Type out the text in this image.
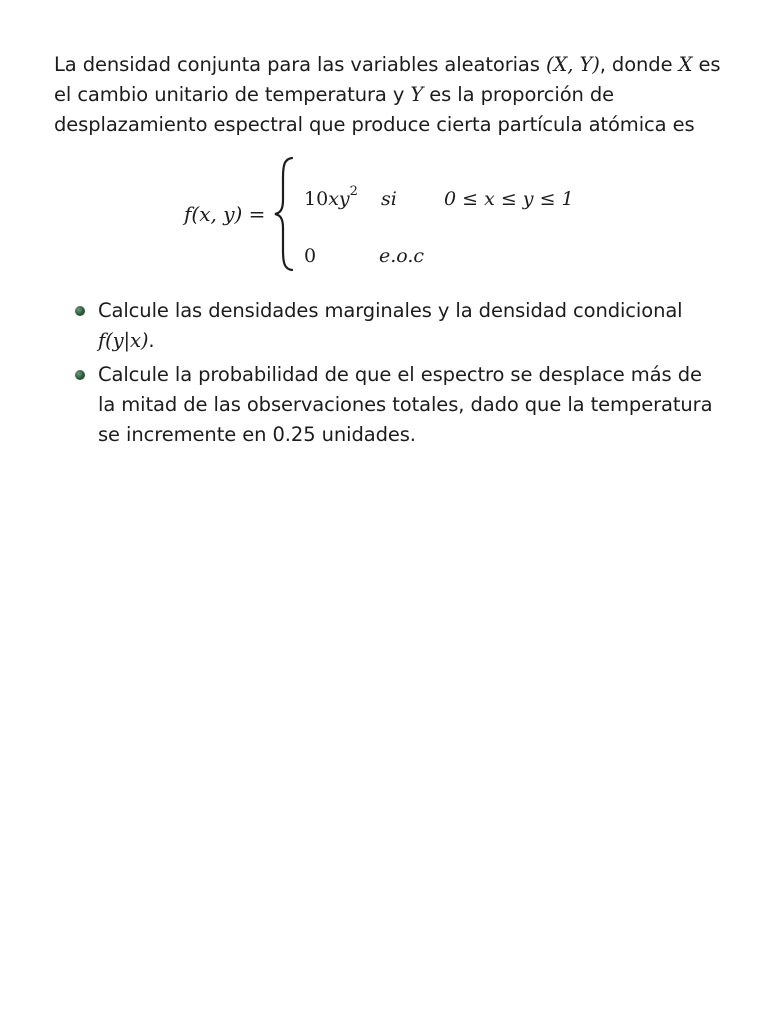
La densidad conjunta para las variables aleatorias (X, Y), donde X es el cambio unitario de temperatura y Y es la proporción de desplazamiento espectral que produce cierta partícula atómica es

f(x, y) =
$10xy^2$ si 0 ≤ x ≤ y ≤ 1
0	e.o.c
Calcule las densidades marginales y la densidad condicional f(y|x).
Calcule la probabilidad de que el espectro se desplace más de la mitad de las observaciones totales, dado que la temperatura se incremente en 0.25 unidades.
